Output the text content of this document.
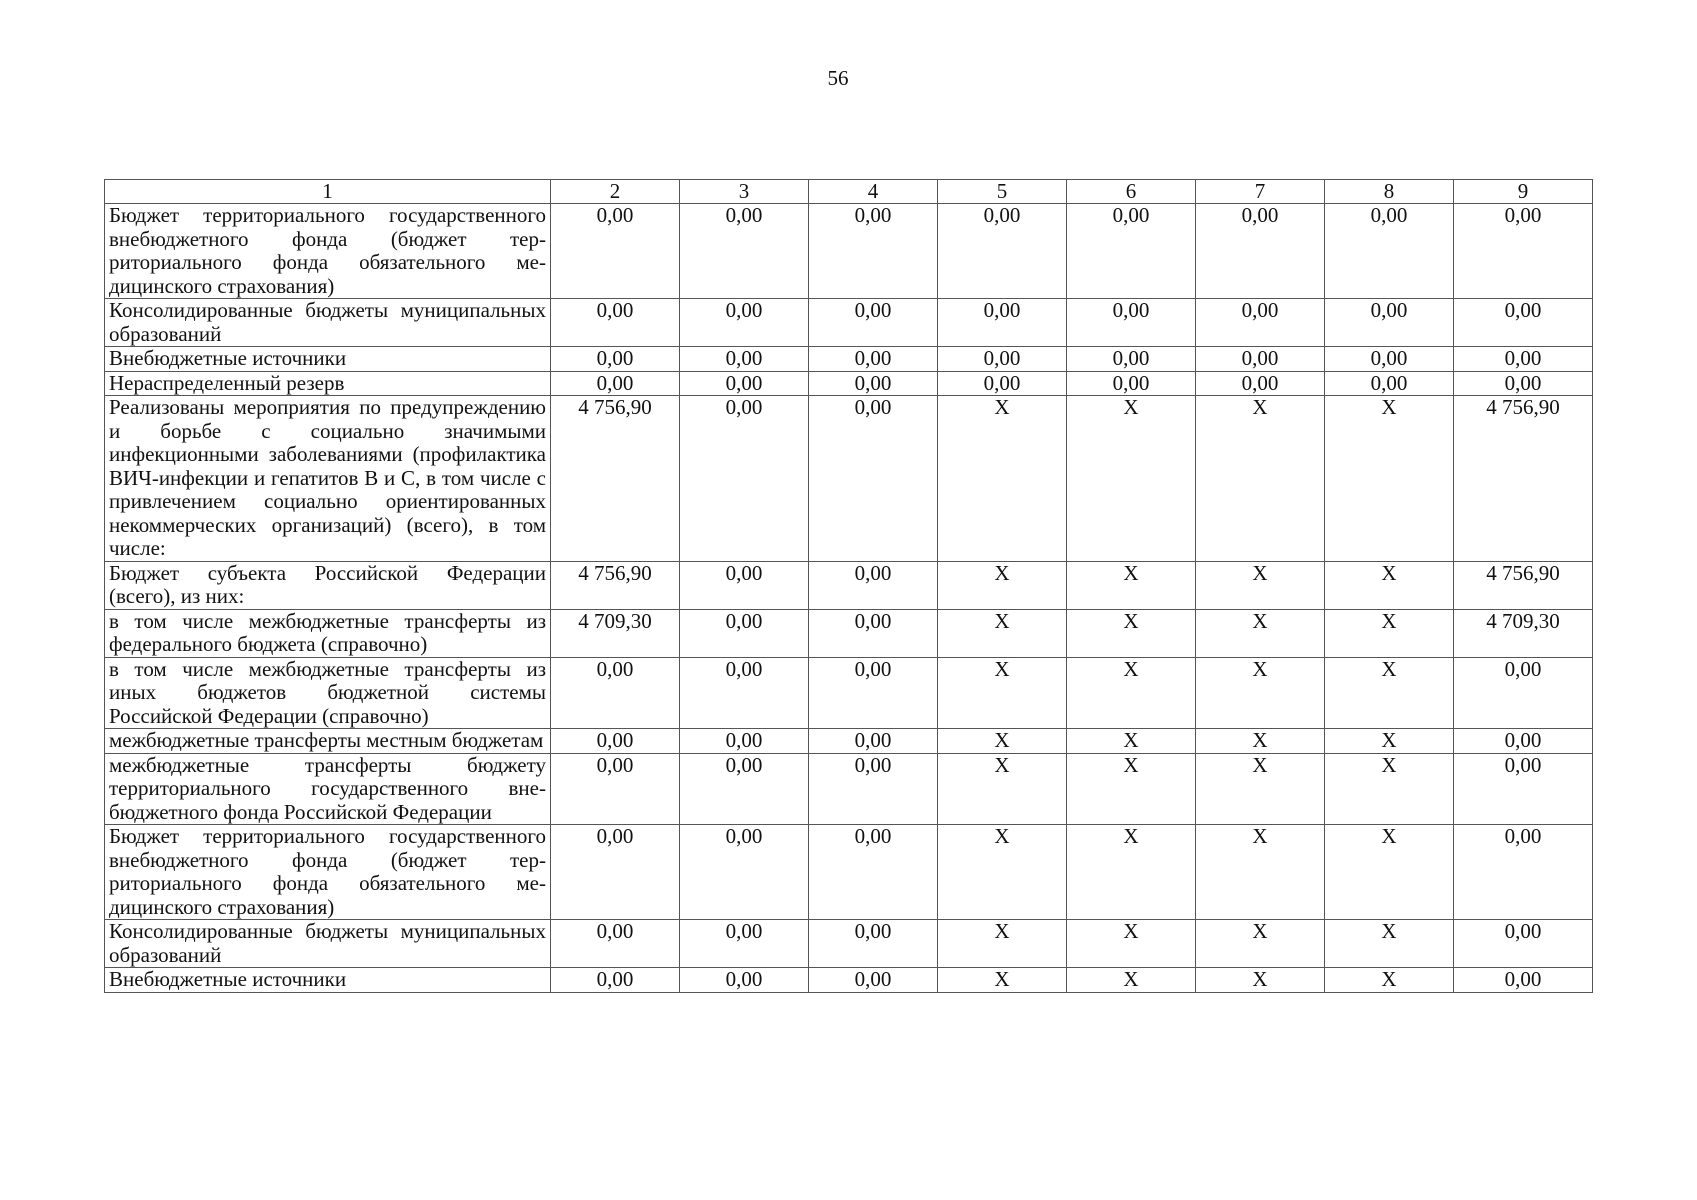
56
1	2	3	4	5	6	7	8	9
Бюджет территориального государственного внебюджетного фонда (бюджет территориального фонда обязательного медицинского страхования)	0,00	0,00	0,00	0,00	0,00	0,00	0,00	0,00
Консолидированные бюджеты муниципальных образований	0,00	0,00	0,00	0,00	0,00	0,00	0,00	0,00
Внебюджетные источники	0,00	0,00	0,00	0,00	0,00	0,00	0,00	0,00
Нераспределенный резерв	0,00	0,00	0,00	0,00	0,00	0,00	0,00	0,00
Реализованы мероприятия по предупреждению и борьбе с социально значимыми инфекционными заболеваниями (профилактика ВИЧ-инфекции и гепатитов В и С, в том числе с привлечением социально ориентированных некоммерческих организаций) (всего), в том числе:	4 756,90	0,00	0,00	X	X	X	X	4 756,90
Бюджет субъекта Российской Федерации (всего), из них:	4 756,90	0,00	0,00	X	X	X	X	4 756,90
в том числе межбюджетные трансферты из федерального бюджета (справочно)	4 709,30	0,00	0,00	X	X	X	X	4 709,30
в том числе межбюджетные трансферты из иных бюджетов бюджетной системы Российской Федерации (справочно)	0,00	0,00	0,00	X	X	X	X	0,00
межбюджетные трансферты местным бюджетам	0,00	0,00	0,00	X	X	X	X	0,00
межбюджетные трансферты бюджету территориального государственного внебюджетного фонда Российской Федерации	0,00	0,00	0,00	X	X	X	X	0,00
Бюджет территориального государственного внебюджетного фонда (бюджет территориального фонда обязательного медицинского страхования)	0,00	0,00	0,00	X	X	X	X	0,00
Консолидированные бюджеты муниципальных образований	0,00	0,00	0,00	X	X	X	X	0,00
Внебюджетные источники	0,00	0,00	0,00	X	X	X	X	0,00
